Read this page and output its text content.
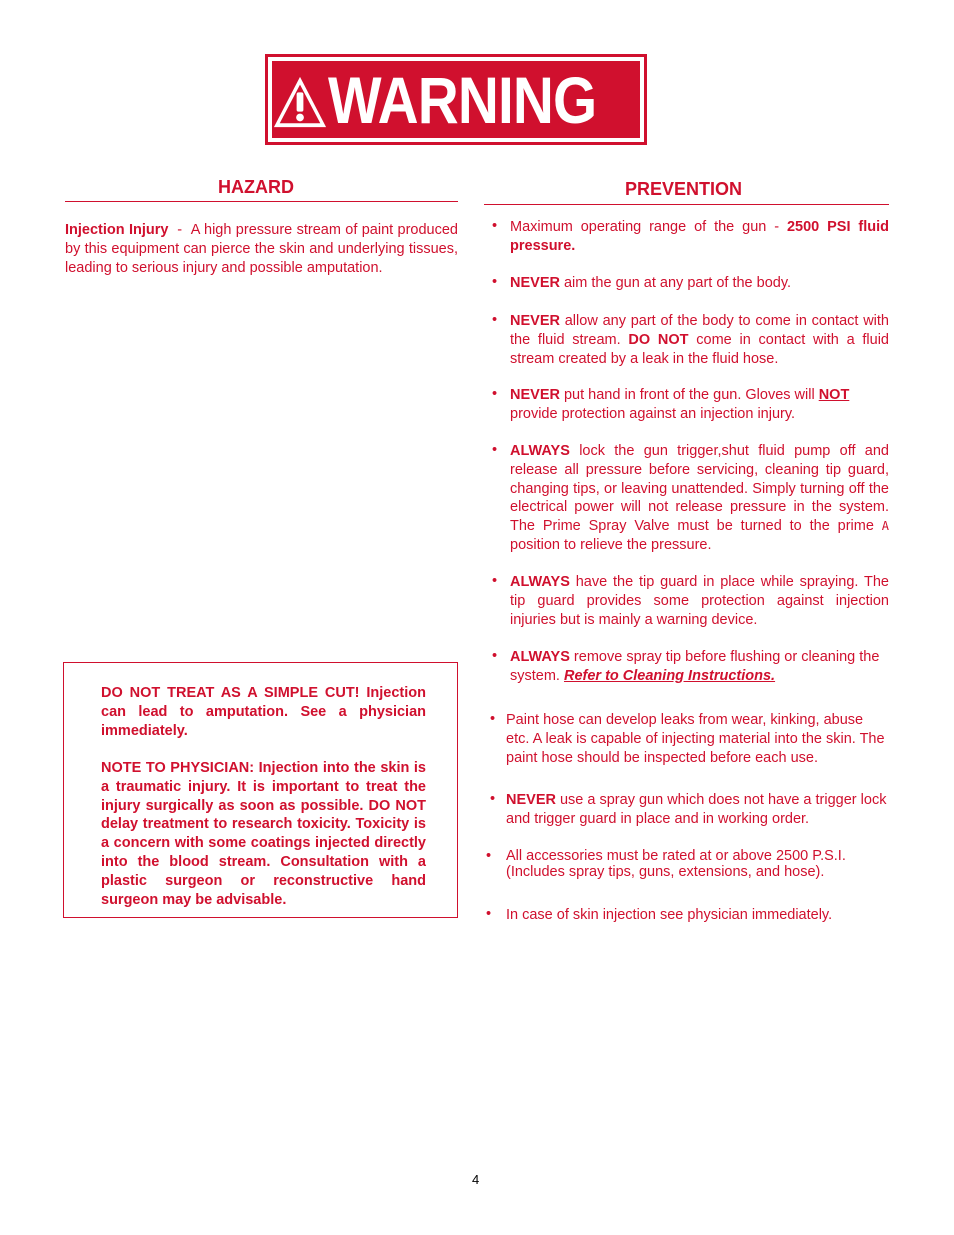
WARNING
HAZARD	PREVENTION
Injection Injury - A high pressure stream of paint produced by this equipment can pierce the skin and underlying tissues, leading to serious injury and possible amputation.
DO NOT TREAT AS A SIMPLE CUT! Injection can lead to amputation. See a physician immediately.
NOTE TO PHYSICIAN: Injection into the skin is a traumatic injury. It is important to treat the injury surgically as soon as possible. DO NOT delay treatment to research toxicity. Toxicity is a concern with some coatings injected directly into the blood stream. Consultation with a plastic surgeon or reconstructive hand surgeon may be advisable.
• Maximum operating range of the gun - 2500 PSI fluid pressure.
• NEVER aim the gun at any part of the body.
• NEVER allow any part of the body to come in contact with the fluid stream. DO NOT come in contact with a fluid stream created by a leak in the fluid hose.
• NEVER put hand in front of the gun. Gloves will NOT provide protection against an injection injury.
• ALWAYS lock the gun trigger,shut fluid pump off and release all pressure before servicing, cleaning tip guard, changing tips, or leaving unattended. Simply turning off the electrical power will not release pressure in the system. The Prime Spray Valve must be turned to the prime A position to relieve the pressure.
• ALWAYS have the tip guard in place while spraying. The tip guard provides some protection against injection injuries but is mainly a warning device.
• ALWAYS remove spray tip before flushing or cleaning the system. Refer to Cleaning Instructions.
• Paint hose can develop leaks from wear, kinking, abuse etc. A leak is capable of injecting material into the skin. The paint hose should be inspected before each use.
• NEVER use a spray gun which does not have a trigger lock and trigger guard in place and in working order.
• All accessories must be rated at or above 2500 P.S.I. (Includes spray tips, guns, extensions, and hose).
• In case of skin injection see physician immediately.
4
